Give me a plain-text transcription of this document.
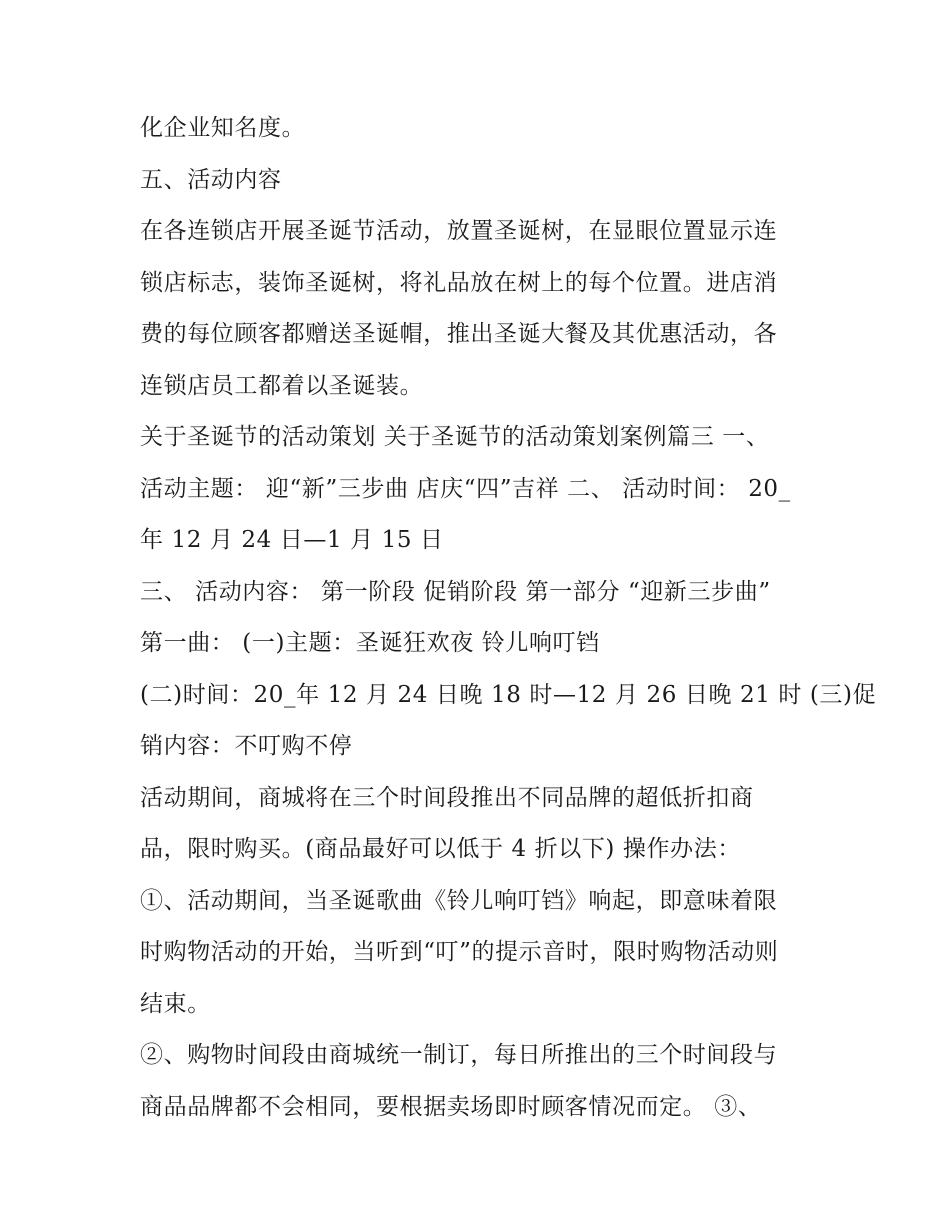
化企业知名度。
五、活动内容
在各连锁店开展圣诞节活动，放置圣诞树，在显眼位置显示连
锁店标志，装饰圣诞树，将礼品放在树上的每个位置。进店消
费的每位顾客都赠送圣诞帽，推出圣诞大餐及其优惠活动，各
连锁店员工都着以圣诞装。
关于圣诞节的活动策划 关于圣诞节的活动策划案例篇三 一、
活动主题： 迎“新”三步曲 店庆“四”吉祥 二、 活动时间： 20_
年 12 月 24 日—1 月 15 日
三、 活动内容： 第一阶段 促销阶段 第一部分 “迎新三步曲”
第一曲： (一)主题：圣诞狂欢夜 铃儿响叮铛
(二)时间：20_年 12 月 24 日晚 18 时—12 月 26 日晚 21 时 (三)促
销内容：不叮购不停
活动期间，商城将在三个时间段推出不同品牌的超低折扣商
品，限时购买。(商品最好可以低于 4 折以下) 操作办法：
①、活动期间，当圣诞歌曲《铃儿响叮铛》响起，即意味着限
时购物活动的开始，当听到“叮”的提示音时，限时购物活动则
结束。
②、购物时间段由商城统一制订，每日所推出的三个时间段与
商品品牌都不会相同，要根据卖场即时顾客情况而定。 ③、
